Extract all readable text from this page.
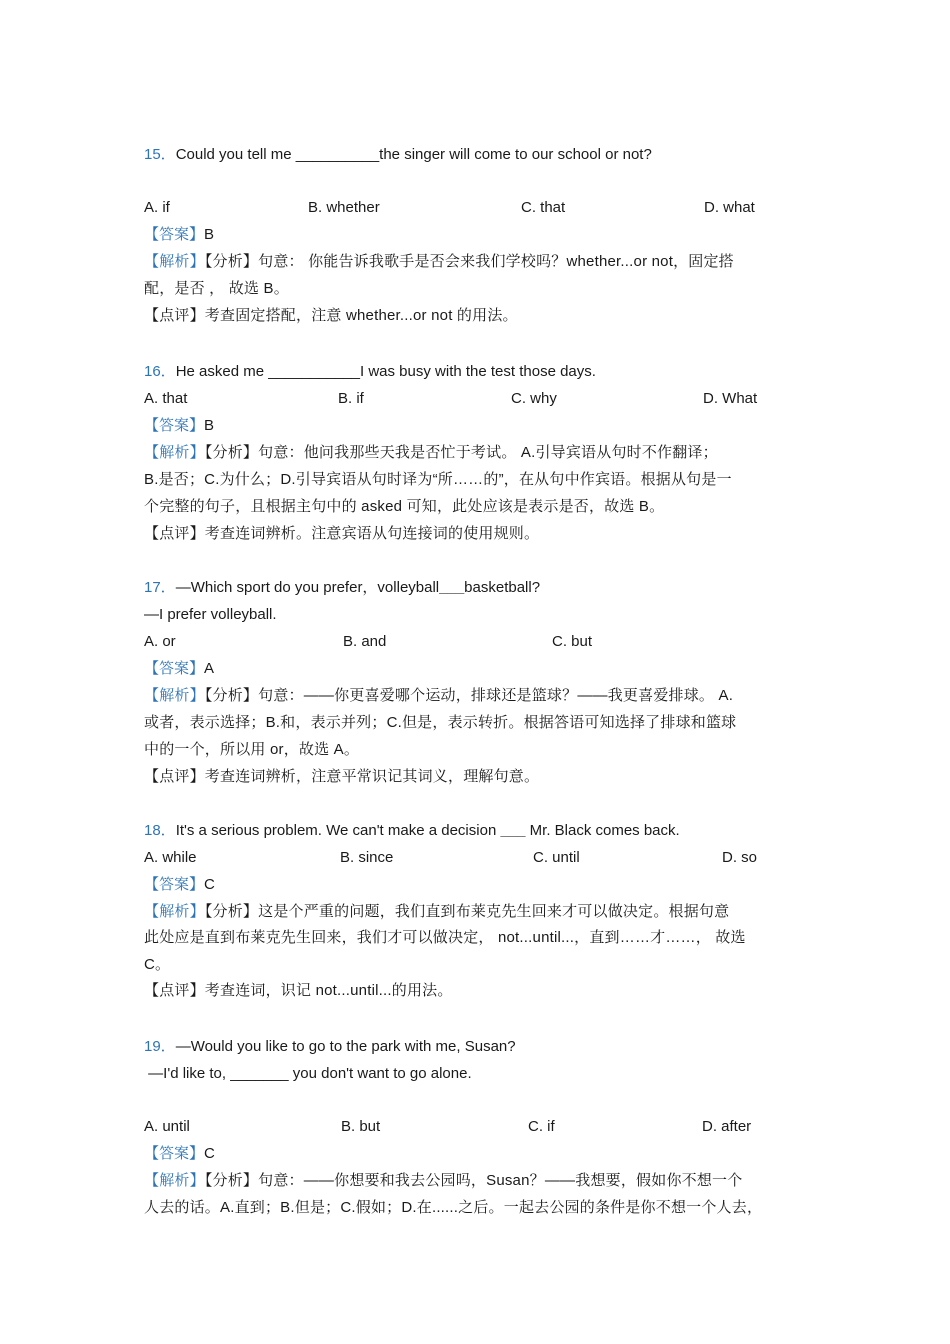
15．Could you tell me __________the singer will come to our school or not?
A. if	B. whether	C. that	D. what
【答案】B
【解析】【分析】句意： 你能告诉我歌手是否会来我们学校吗？whether...or not，固定搭
配，是否 ， 故选 B。
【点评】考查固定搭配，注意 whether...or not 的用法。
16．He asked me ___________I was busy with the test those days.
A. that	B. if	C. why	D. What
【答案】B
【解析】【分析】句意：他问我那些天我是否忙于考试。 A.引导宾语从句时不作翻译；
B.是否；C.为什么；D.引导宾语从句时译为“所……的”，在从句中作宾语。根据从句是一
个完整的句子，且根据主句中的 asked 可知，此处应该是表示是否，故选 B。
【点评】考查连词辨析。注意宾语从句连接词的使用规则。
17．—Which sport do you prefer，volleyball___basketball?
—I prefer volleyball.
A. or	B. and	C. but
【答案】A
【解析】【分析】句意：——你更喜爱哪个运动，排球还是篮球？——我更喜爱排球。 A.
或者，表示选择；B.和，表示并列；C.但是，表示转折。根据答语可知选择了排球和篮球
中的一个，所以用 or，故选 A。
【点评】考查连词辨析，注意平常识记其词义，理解句意。
18．It's a serious problem. We can't make a decision ___ Mr. Black comes back.
A. while	B. since	C. until	D. so
【答案】C
【解析】【分析】这是个严重的问题，我们直到布莱克先生回来才可以做决定。根据句意
此处应是直到布莱克先生回来，我们才可以做决定， not...until...，直到……才……， 故选
C。
【点评】考查连词，识记 not...until...的用法。
19．—Would you like to go to the park with me, Susan?
—I'd like to, _______ you don't want to go alone.
A. until	B. but	C. if	D. after
【答案】C
【解析】【分析】句意：——你想要和我去公园吗，Susan？——我想要，假如你不想一个
人去的话。A.直到；B.但是；C.假如；D.在......之后。一起去公园的条件是你不想一个人去，
